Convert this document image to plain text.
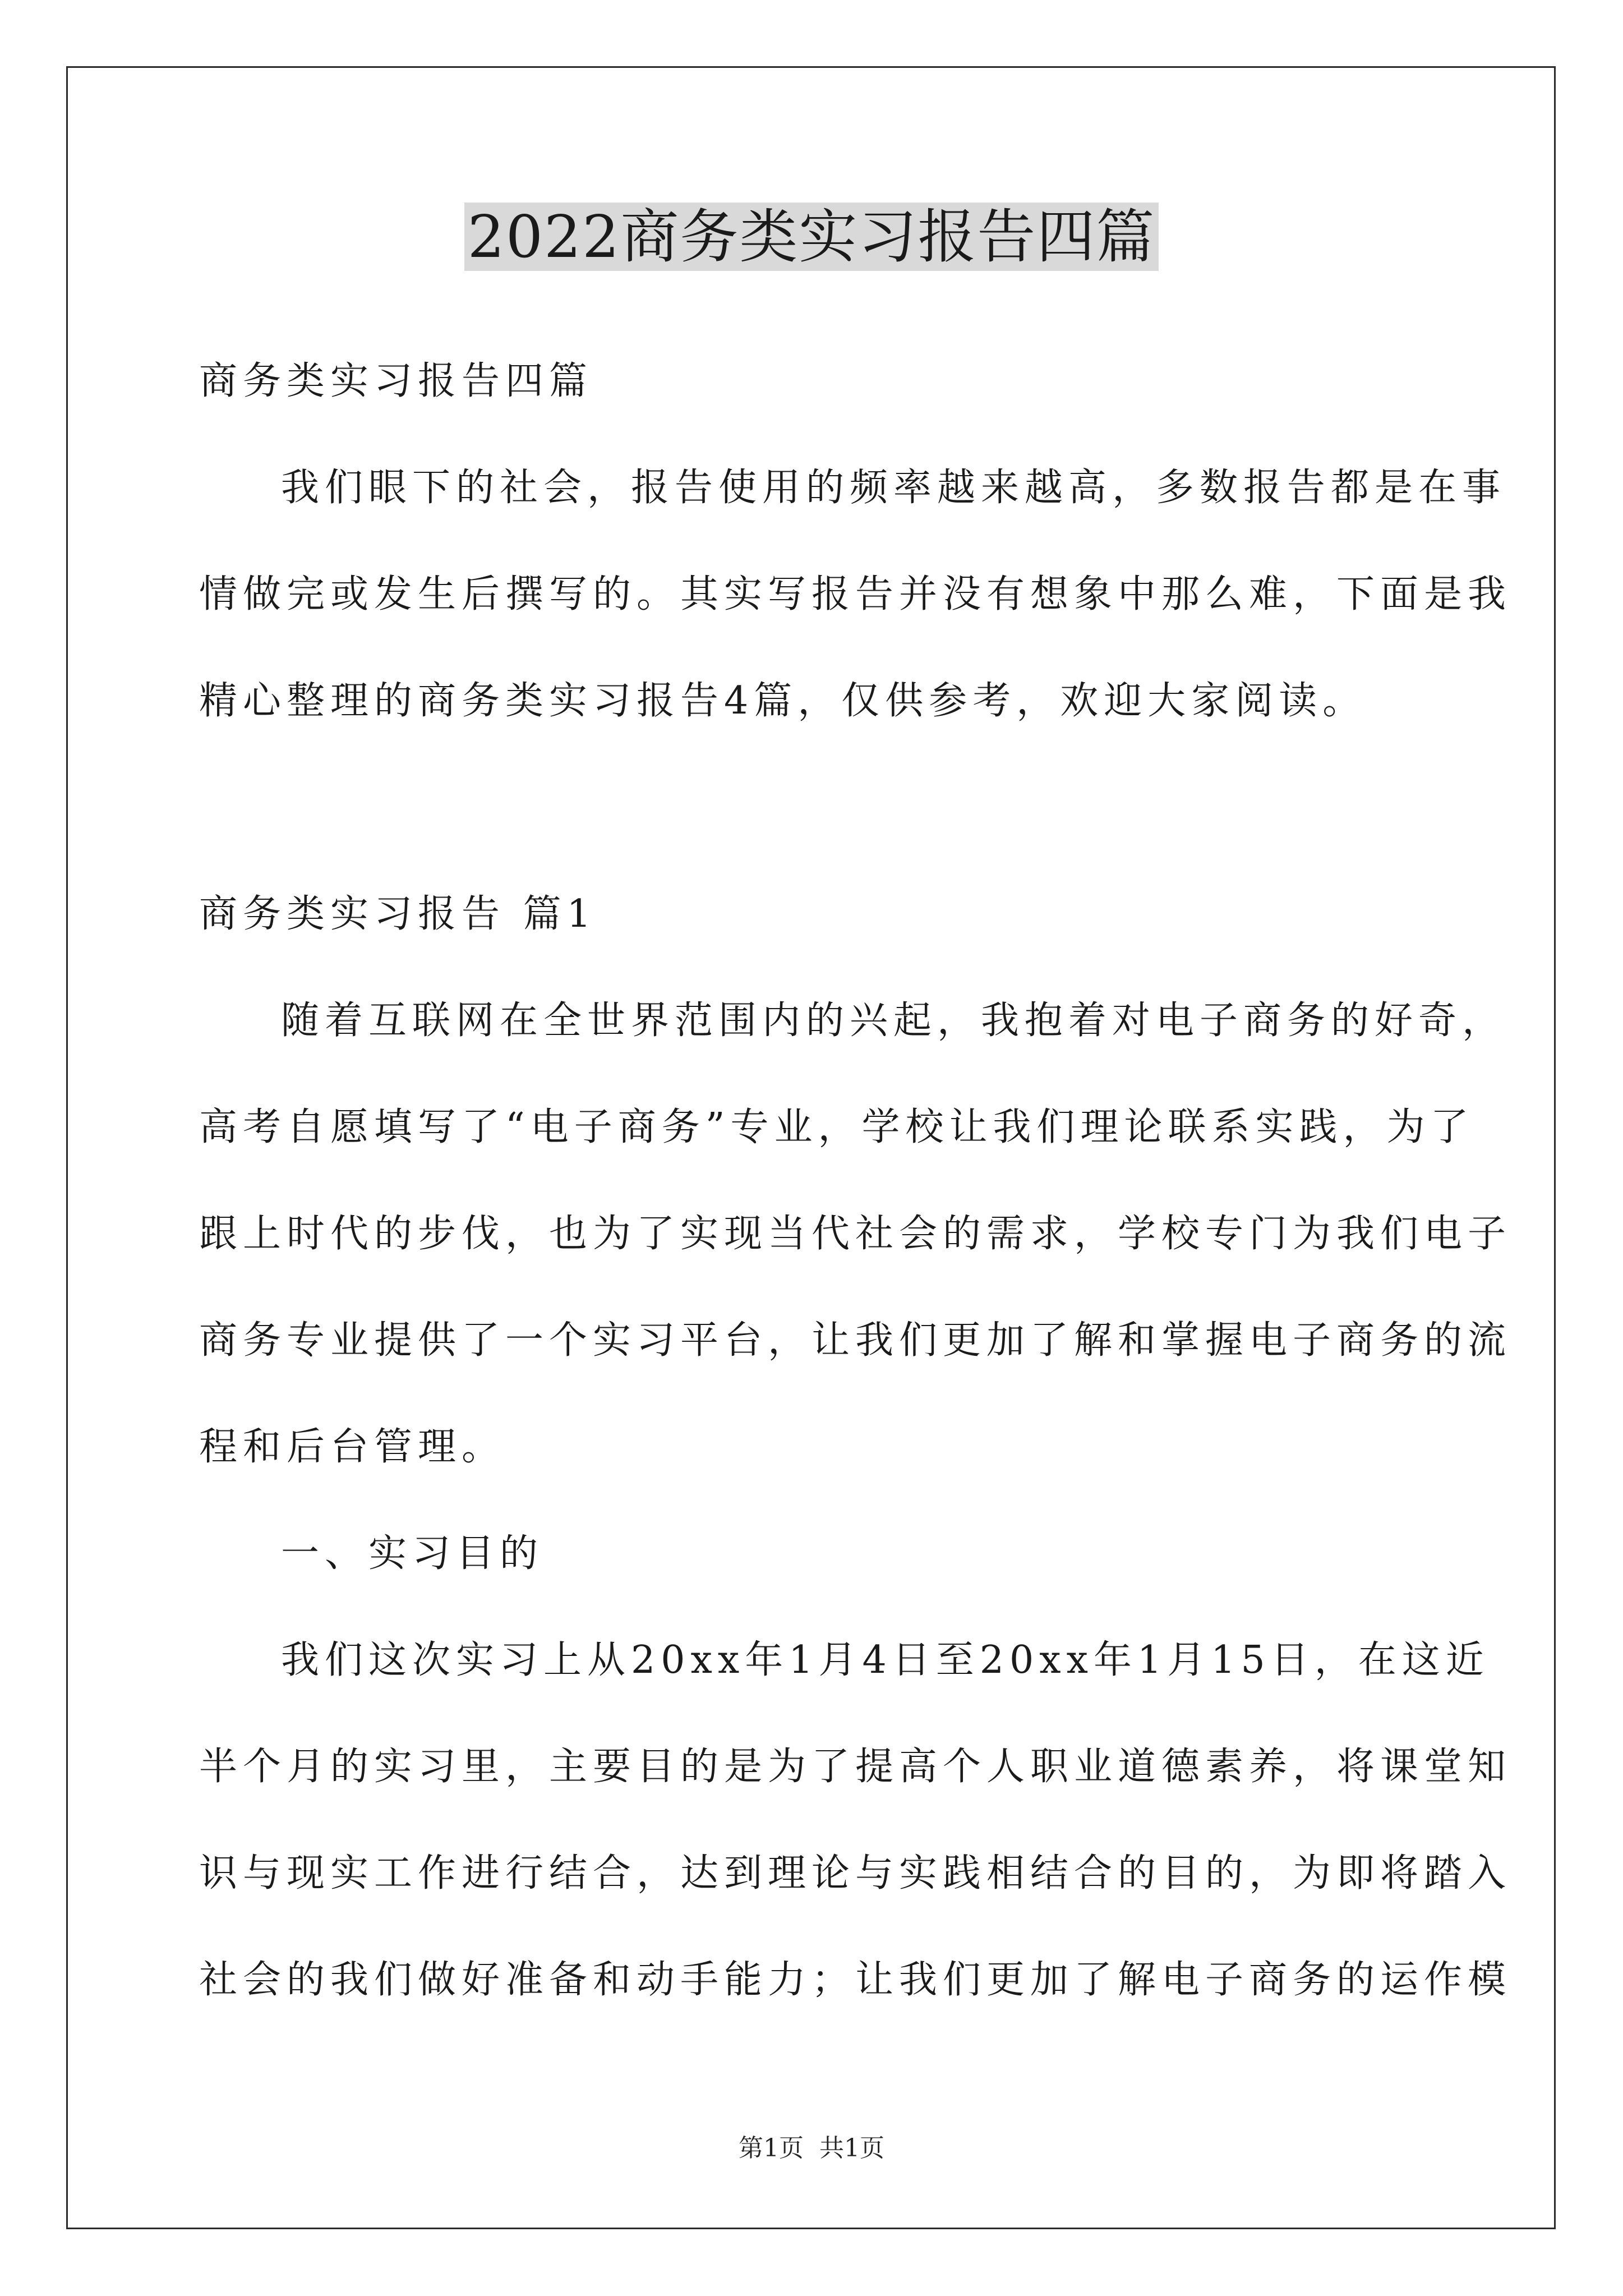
2022商务类实习报告四篇
商务类实习报告四篇
我们眼下的社会，报告使用的频率越来越高，多数报告都是在事
情做完或发生后撰写的。其实写报告并没有想象中那么难，下面是我
精心整理的商务类实习报告4篇，仅供参考，欢迎大家阅读。
商务类实习报告 篇1
随着互联网在全世界范围内的兴起，我抱着对电子商务的好奇，
高考自愿填写了“电子商务”专业，学校让我们理论联系实践，为了
跟上时代的步伐，也为了实现当代社会的需求，学校专门为我们电子
商务专业提供了一个实习平台，让我们更加了解和掌握电子商务的流
程和后台管理。
一、实习目的
我们这次实习上从20xx年1月4日至20xx年1月15日，在这近
半个月的实习里，主要目的是为了提高个人职业道德素养，将课堂知
识与现实工作进行结合，达到理论与实践相结合的目的，为即将踏入
社会的我们做好准备和动手能力；让我们更加了解电子商务的运作模
第1页 共1页
